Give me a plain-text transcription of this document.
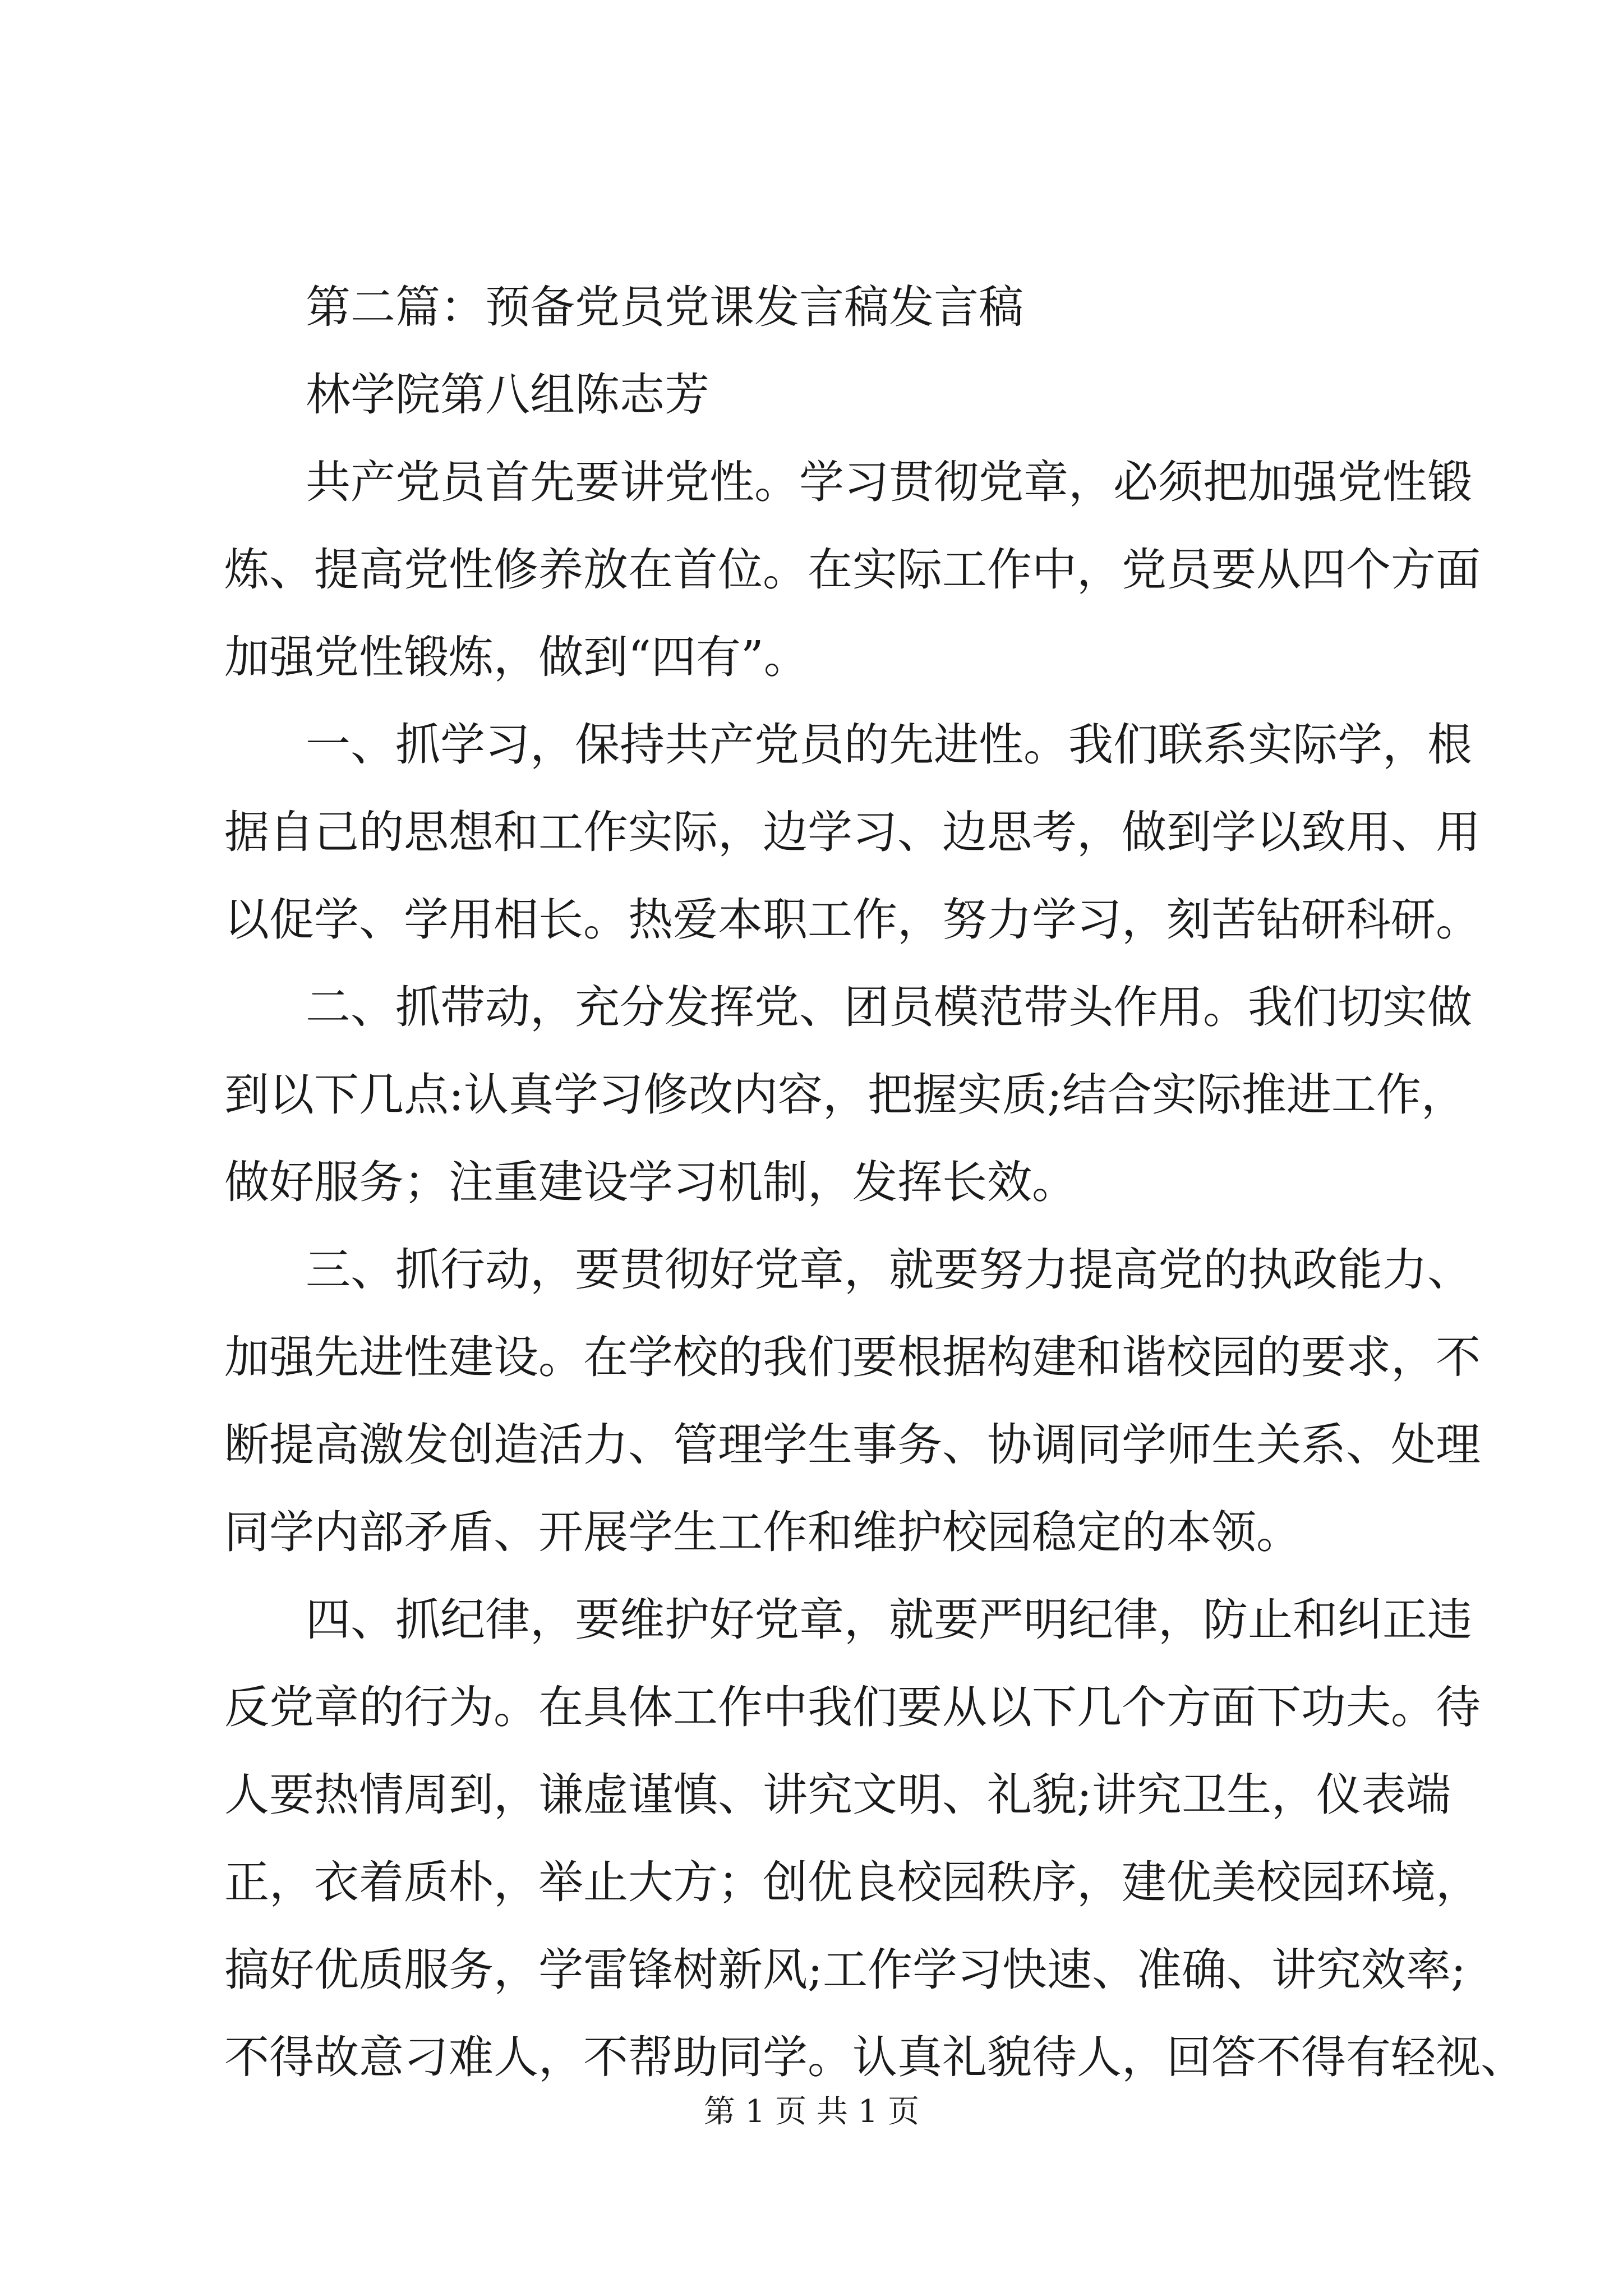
第二篇：预备党员党课发言稿发言稿
林学院第八组陈志芳
共产党员首先要讲党性。学习贯彻党章，必须把加强党性锻
炼、提高党性修养放在首位。在实际工作中，党员要从四个方面
加强党性锻炼，做到“四有”。
一、抓学习，保持共产党员的先进性。我们联系实际学，根
据自己的思想和工作实际，边学习、边思考，做到学以致用、用
以促学、学用相长。热爱本职工作，努力学习，刻苦钻研科研。
二、抓带动，充分发挥党、团员模范带头作用。我们切实做
到以下几点:认真学习修改内容，把握实质;结合实际推进工作，
做好服务；注重建设学习机制，发挥长效。
三、抓行动，要贯彻好党章，就要努力提高党的执政能力、
加强先进性建设。在学校的我们要根据构建和谐校园的要求，不
断提高激发创造活力、管理学生事务、协调同学师生关系、处理
同学内部矛盾、开展学生工作和维护校园稳定的本领。
四、抓纪律，要维护好党章，就要严明纪律，防止和纠正违
反党章的行为。在具体工作中我们要从以下几个方面下功夫。待
人要热情周到，谦虚谨慎、讲究文明、礼貌;讲究卫生，仪表端
正，衣着质朴，举止大方；创优良校园秩序，建优美校园环境，
搞好优质服务，学雷锋树新风;工作学习快速、准确、讲究效率;
不得故意刁难人，不帮助同学。认真礼貌待人，回答不得有轻视、
第 1 页 共 1 页
